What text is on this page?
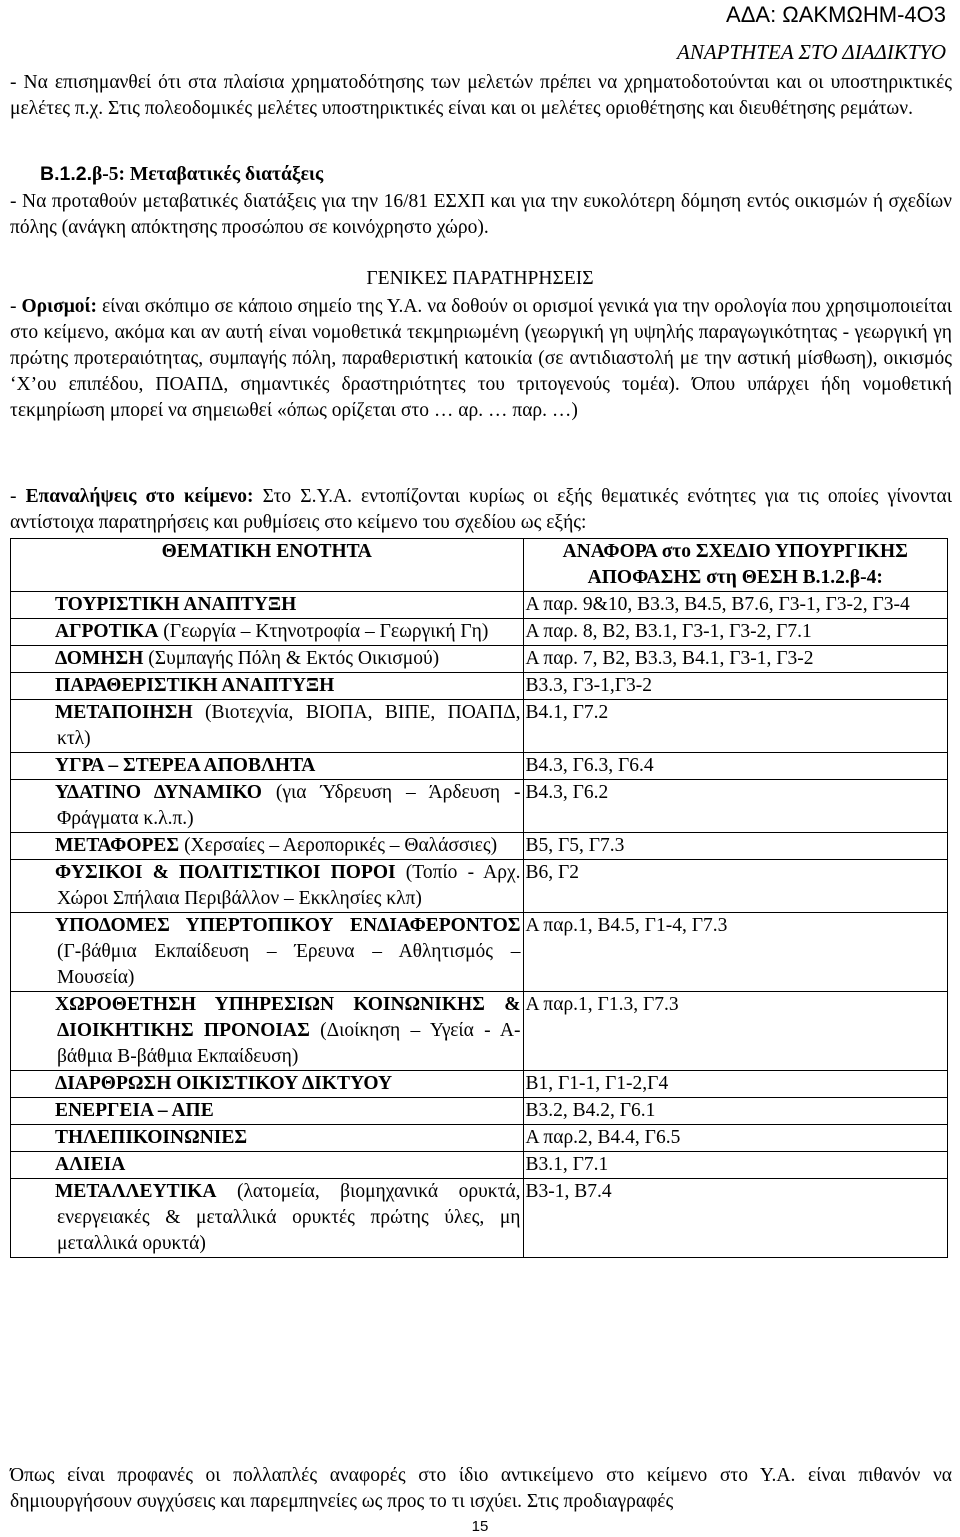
ΑΔΑ: ΩΑΚΜΩΗΜ-4Ο3
ΑΝΑΡΤΗΤΕΑ ΣΤΟ ΔΙΑΔΙΚΤΥΟ
- Να επισημανθεί ότι στα πλαίσια χρηματοδότησης των μελετών πρέπει να χρηματοδοτούνται και οι υποστηρικτικές μελέτες π.χ. Στις πολεοδομικές μελέτες υποστηρικτικές είναι και οι μελέτες οριοθέτησης και διευθέτησης ρεμάτων.
Β.1.2.β-5: Μεταβατικές διατάξεις
- Να προταθούν μεταβατικές διατάξεις για την 16/81 ΕΣΧΠ και για την ευκολότερη δόμηση εντός οικισμών ή σχεδίων πόλης (ανάγκη απόκτησης προσώπου σε κοινόχρηστο χώρο).
ΓΕΝΙΚΕΣ ΠΑΡΑΤΗΡΗΣΕΙΣ
- Ορισμοί: είναι σκόπιμο σε κάποιο σημείο της Υ.Α. να δοθούν οι ορισμοί γενικά για την ορολογία που χρησιμοποιείται στο κείμενο, ακόμα και αν αυτή είναι νομοθετικά τεκμηριωμένη (γεωργική γη υψηλής παραγωγικότητας - γεωργική γη πρώτης προτεραιότητας, συμπαγής πόλη, παραθεριστική κατοικία (σε αντιδιαστολή με την αστική μίσθωση), οικισμός ‘Χ’ου επιπέδου, ΠΟΑΠΔ, σημαντικές δραστηριότητες του τριτογενούς τομέα). Όπου υπάρχει ήδη νομοθετική τεκμηρίωση μπορεί να σημειωθεί «όπως ορίζεται στο … αρ. … παρ. …)
- Επαναλήψεις στο κείμενο: Στο Σ.Υ.Α. εντοπίζονται κυρίως οι εξής θεματικές ενότητες για τις οποίες γίνονται αντίστοιχα παρατηρήσεις και ρυθμίσεις στο κείμενο του σχεδίου ως εξής:
ΘΕΜΑΤΙΚΗ ΕΝΟΤΗΤΑ	ΑΝΑΦΟΡΑ στο ΣΧΕΔΙΟ ΥΠΟΥΡΓΙΚΗΣ ΑΠΟΦΑΣΗΣ στη ΘΕΣΗ Β.1.2.β-4:

ΤΟΥΡΙΣΤΙΚΗ ΑΝΑΠΤΥΞΗ	Α παρ. 9&10, Β3.3, Β4.5, Β7.6, Γ3-1, Γ3-2, Γ3-4

ΑΓΡΟΤΙΚΑ (Γεωργία – Κτηνοτροφία – Γεωργική Γη)	Α παρ. 8, Β2, Β3.1, Γ3-1, Γ3-2, Γ7.1

ΔΟΜΗΣΗ (Συμπαγής Πόλη & Εκτός Οικισμού)	Α παρ. 7, Β2, Β3.3, Β4.1, Γ3-1, Γ3-2

ΠΑΡΑΘΕΡΙΣΤΙΚΗ ΑΝΑΠΤΥΞΗ	Β3.3, Γ3-1,Γ3-2

ΜΕΤΑΠΟΙΗΣΗ (Βιοτεχνία, ΒΙΟΠΑ, ΒΙΠΕ, ΠΟΑΠΔ, κτλ)	Β4.1, Γ7.2

ΥΓΡΑ – ΣΤΕΡΕΑ ΑΠΟΒΛΗΤΑ	Β4.3, Γ6.3, Γ6.4

ΥΔΑΤΙΝΟ ΔΥΝΑΜΙΚΟ (για Ύδρευση – Άρδευση - Φράγματα κ.λ.π.)	Β4.3, Γ6.2

ΜΕΤΑΦΟΡΕΣ (Χερσαίες – Αεροπορικές – Θαλάσσιες)	Β5, Γ5, Γ7.3

ΦΥΣΙΚΟΙ & ΠΟΛΙΤΙΣΤΙΚΟΙ ΠΟΡΟΙ (Τοπίο - Αρχ. Χώροι Σπήλαια Περιβάλλον – Εκκλησίες κλπ)	Β6, Γ2

ΥΠΟΔΟΜΕΣ ΥΠΕΡΤΟΠΙΚΟΥ ΕΝΔΙΑΦΕΡΟΝΤΟΣ (Γ-βάθμια Εκπαίδευση – Έρευνα – Αθλητισμός – Μουσεία)	Α παρ.1, Β4.5, Γ1-4, Γ7.3

ΧΩΡΟΘΕΤΗΣΗ ΥΠΗΡΕΣΙΩΝ ΚΟΙΝΩΝΙΚΗΣ & ΔΙΟΙΚΗΤΙΚΗΣ ΠΡΟΝΟΙΑΣ (Διοίκηση – Υγεία - Α-βάθμια Β-βάθμια Εκπαίδευση)	Α παρ.1, Γ1.3, Γ7.3

ΔΙΑΡΘΡΩΣΗ ΟΙΚΙΣΤΙΚΟΥ ΔΙΚΤΥΟΥ	Β1, Γ1-1, Γ1-2,Γ4

ΕΝΕΡΓΕΙΑ – ΑΠΕ	Β3.2, Β4.2, Γ6.1

ΤΗΛΕΠΙΚΟΙΝΩΝΙΕΣ	Α παρ.2, Β4.4, Γ6.5

ΑΛΙΕΙΑ	Β3.1, Γ7.1

ΜΕΤΑΛΛΕΥΤΙΚΑ (λατομεία, βιομηχανικά ορυκτά, ενεργειακές & μεταλλικά ορυκτές πρώτης ύλες, μη μεταλλικά ορυκτά)	Β3-1, Β7.4
Όπως είναι προφανές οι πολλαπλές αναφορές στο ίδιο αντικείμενο στο κείμενο στο Υ.Α. είναι πιθανόν να δημιουργήσουν συγχύσεις και παρεμπηνείες ως προς το τι ισχύει. Στις προδιαγραφές
15
